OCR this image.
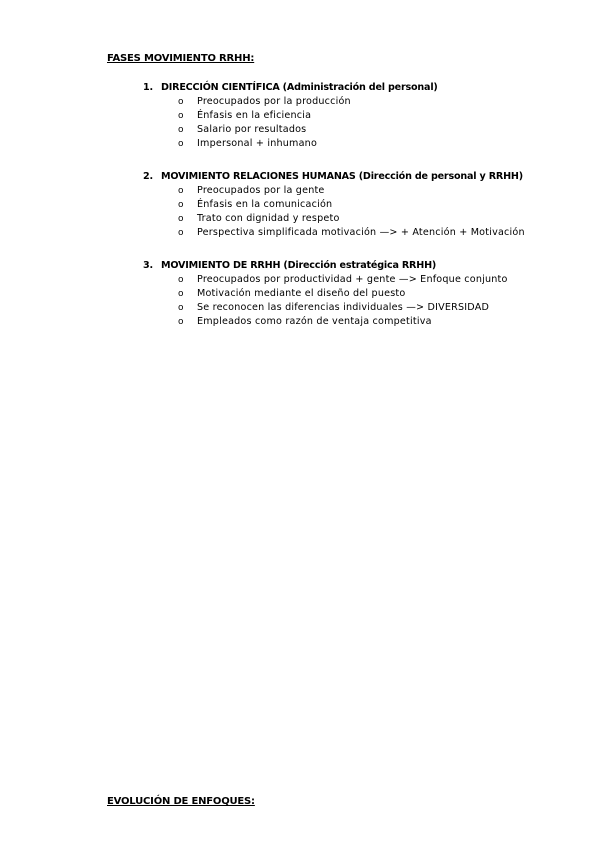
FASES MOVIMIENTO RRHH:
1. DIRECCIÓN CIENTÍFICA (Administración del personal)
o	Preocupados por la producción
o	Énfasis en la eficiencia
o	Salario por resultados
o	Impersonal + inhumano
2. MOVIMIENTO RELACIONES HUMANAS (Dirección de personal y RRHH)
o	Preocupados por la gente
o	Énfasis en la comunicación
o	Trato con dignidad y respeto
o	Perspectiva simplificada motivación —> + Atención + Motivación
3. MOVIMIENTO DE RRHH (Dirección estratégica RRHH)
o	Preocupados por productividad + gente —> Enfoque conjunto
o	Motivación mediante el diseño del puesto
o	Se reconocen las diferencias individuales —> DIVERSIDAD
o	Empleados como razón de ventaja competitiva
EVOLUCIÓN DE ENFOQUES:
